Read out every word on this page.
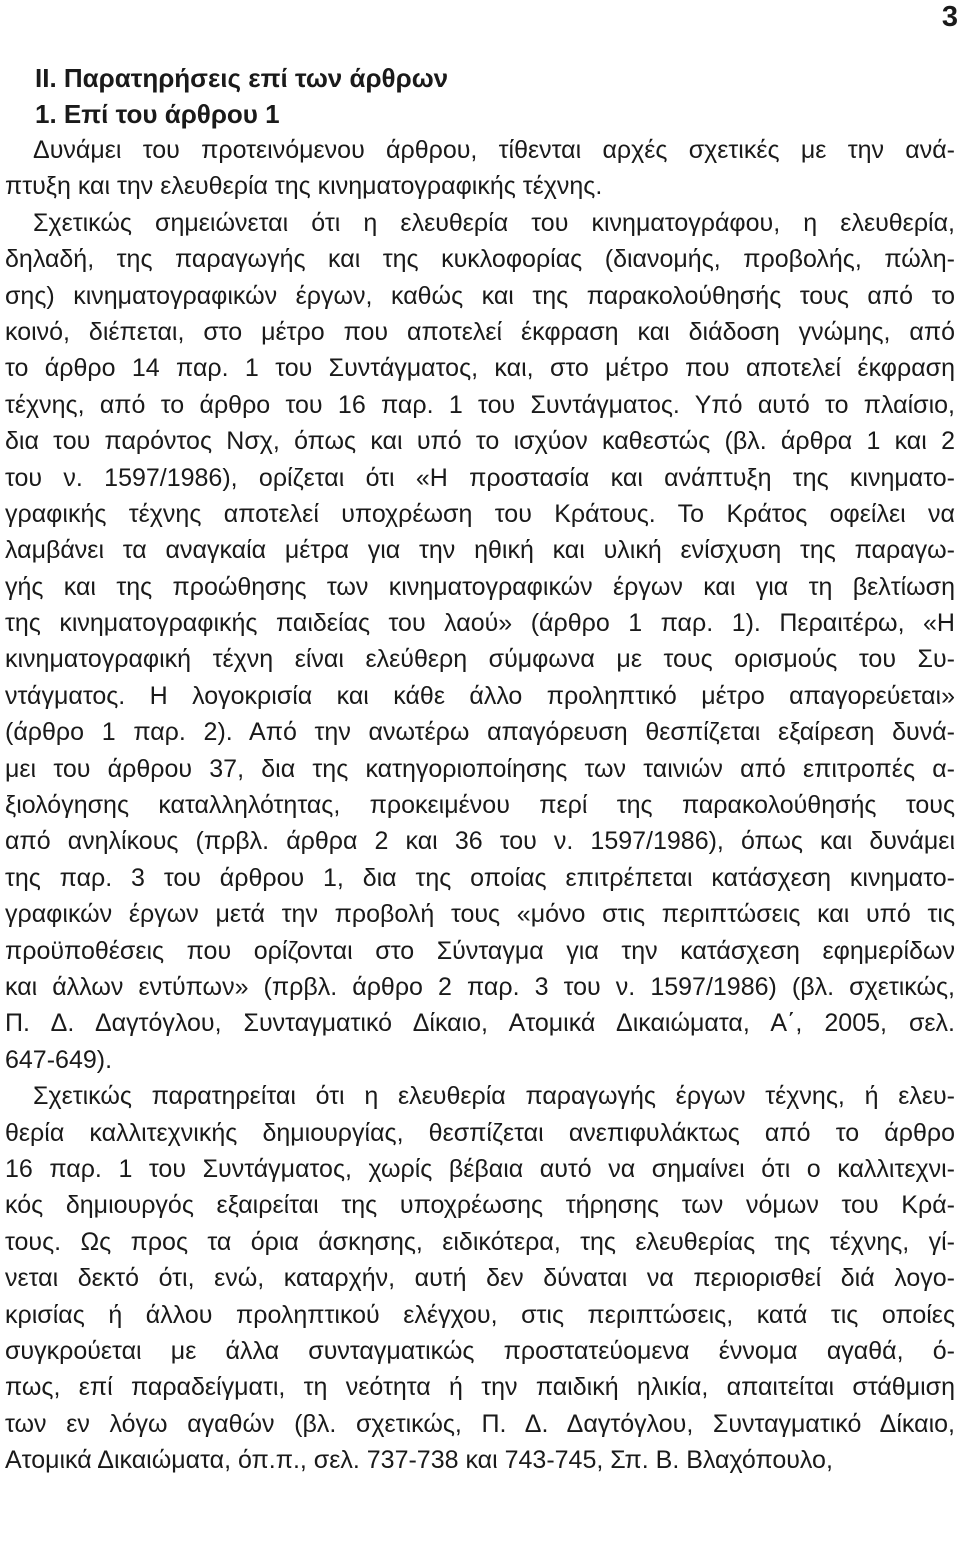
3
ΙΙ. Παρατηρήσεις επί των άρθρων
1. Επί του άρθρου 1
Δυνάμει του προτεινόμενου άρθρου, τίθενται αρχές σχετικές με την ανά-
πτυξη και την ελευθερία της κινηματογραφικής τέχνης.
Σχετικώς σημειώνεται ότι η ελευθερία του κινηματογράφου, η ελευθερία,
δηλαδή, της παραγωγής και της κυκλοφορίας (διανομής, προβολής, πώλη-
σης) κινηματογραφικών έργων, καθώς και της παρακολούθησής τους από το
κοινό, διέπεται, στο μέτρο που αποτελεί έκφραση και διάδοση γνώμης, από
το άρθρο 14 παρ. 1 του Συντάγματος, και, στο μέτρο που αποτελεί έκφραση
τέχνης, από το άρθρο του 16 παρ. 1 του Συντάγματος. Υπό αυτό το πλαίσιο,
δια του παρόντος Νσχ, όπως και υπό το ισχύον καθεστώς (βλ. άρθρα 1 και 2
του ν. 1597/1986), ορίζεται ότι «Η προστασία και ανάπτυξη της κινηματο-
γραφικής τέχνης αποτελεί υποχρέωση του Κράτους. Το Κράτος οφείλει να
λαμβάνει τα αναγκαία μέτρα για την ηθική και υλική ενίσχυση της παραγω-
γής και της προώθησης των κινηματογραφικών έργων και για τη βελτίωση
της κινηματογραφικής παιδείας του λαού» (άρθρο 1 παρ. 1). Περαιτέρω, «Η
κινηματογραφική τέχνη είναι ελεύθερη σύμφωνα με τους ορισμούς του Συ-
ντάγματος. Η λογοκρισία και κάθε άλλο προληπτικό μέτρο απαγορεύεται»
(άρθρο 1 παρ. 2). Από την ανωτέρω απαγόρευση θεσπίζεται εξαίρεση δυνά-
μει του άρθρου 37, δια της κατηγοριοποίησης των ταινιών από επιτροπές α-
ξιολόγησης καταλληλότητας, προκειμένου περί της παρακολούθησής τους
από ανηλίκους (πρβλ. άρθρα 2 και 36 του ν. 1597/1986), όπως και δυνάμει
της παρ. 3 του άρθρου 1, δια της οποίας επιτρέπεται κατάσχεση κινηματο-
γραφικών έργων μετά την προβολή τους «μόνο στις περιπτώσεις και υπό τις
προϋποθέσεις που ορίζονται στο Σύνταγμα για την κατάσχεση εφημερίδων
και άλλων εντύπων» (πρβλ. άρθρο 2 παρ. 3 του ν. 1597/1986) (βλ. σχετικώς,
Π. Δ. Δαγτόγλου, Συνταγματικό Δίκαιο, Ατομικά Δικαιώματα, Α΄, 2005, σελ.
647-649).
Σχετικώς παρατηρείται ότι η ελευθερία παραγωγής έργων τέχνης, ή ελευ-
θερία καλλιτεχνικής δημιουργίας, θεσπίζεται ανεπιφυλάκτως από το άρθρο
16 παρ. 1 του Συντάγματος, χωρίς βέβαια αυτό να σημαίνει ότι ο καλλιτεχνι-
κός δημιουργός εξαιρείται της υποχρέωσης τήρησης των νόμων του Κρά-
τους. Ως προς τα όρια άσκησης, ειδικότερα, της ελευθερίας της τέχνης, γί-
νεται δεκτό ότι, ενώ, καταρχήν, αυτή δεν δύναται να περιορισθεί διά λογο-
κρισίας ή άλλου προληπτικού ελέγχου, στις περιπτώσεις, κατά τις οποίες
συγκρούεται με άλλα συνταγματικώς προστατεύομενα έννομα αγαθά, ό-
πως, επί παραδείγματι, τη νεότητα ή την παιδική ηλικία, απαιτείται στάθμιση
των εν λόγω αγαθών (βλ. σχετικώς, Π. Δ. Δαγτόγλου, Συνταγματικό Δίκαιο,
Ατομικά Δικαιώματα, όπ.π., σελ. 737-738 και 743-745, Σπ. Β. Βλαχόπουλο,
